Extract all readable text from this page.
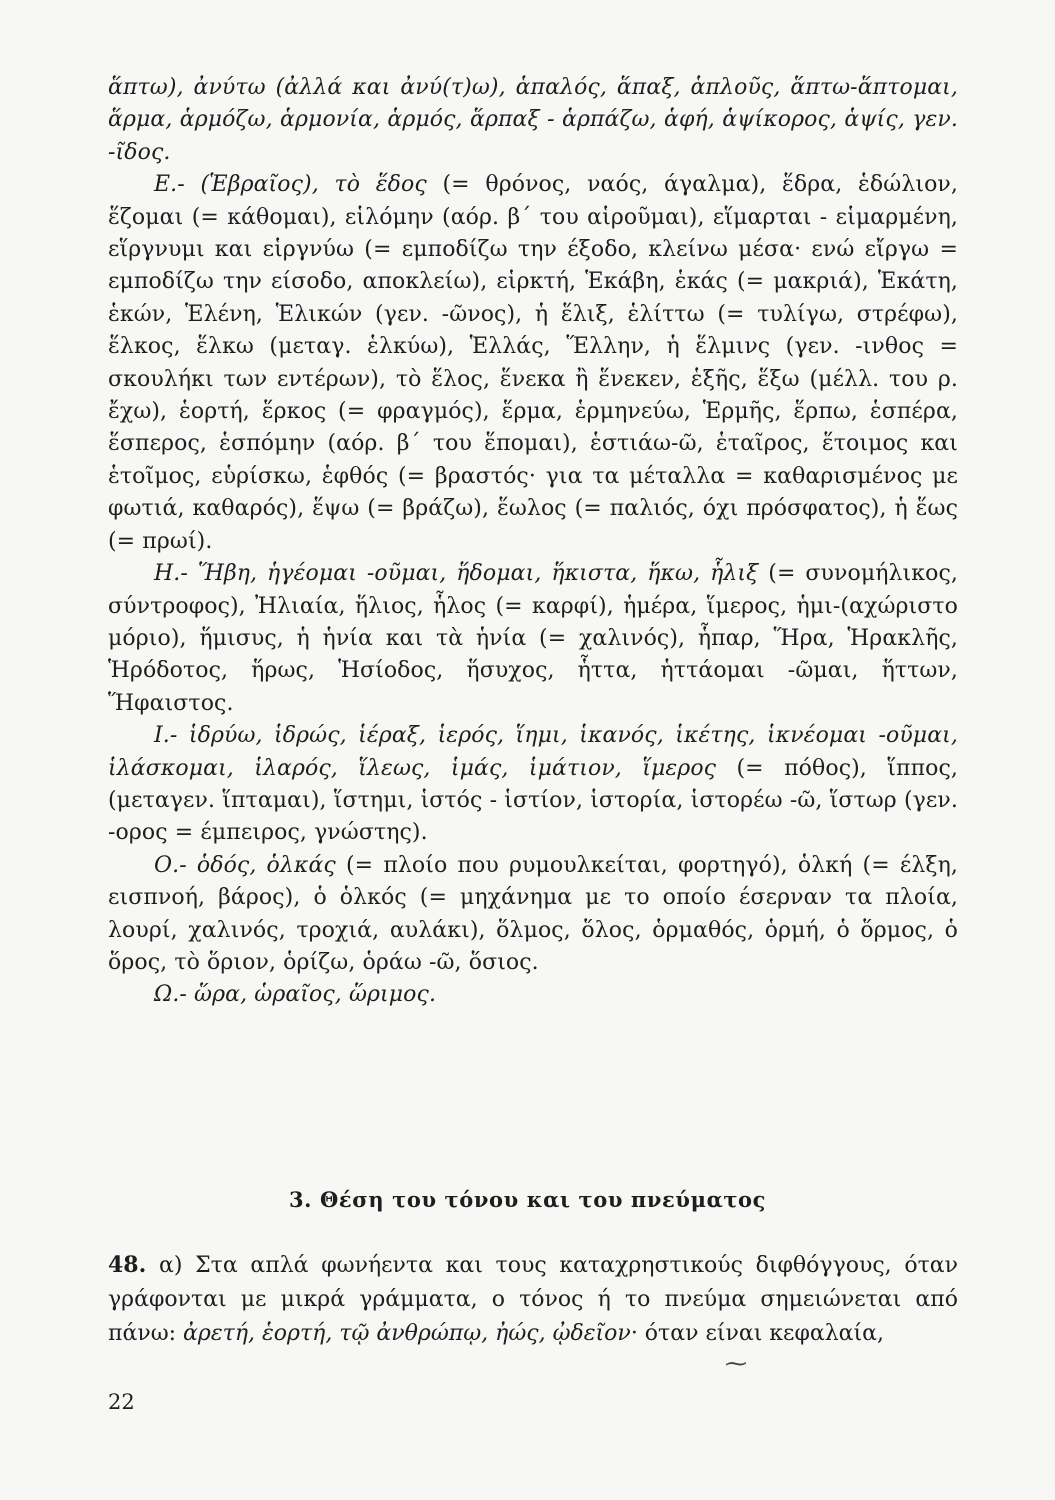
ἅπτω), ἀνύτω (ἀλλά και ἀνύ(τ)ω), ἁπαλός, ἅπαξ, ἁπλοῦς, ἅπτω-ἅπτομαι, ἅρμα, ἁρμόζω, ἁρμονία, ἁρμός, ἅρπαξ - ἁρπάζω, ἁφή, ἁψίκορος, ἁψίς, γεν. -ῖδος.

Ε.- (Ἑβραῖος), τὸ ἕδος (= θρόνος, ναός, άγαλμα), ἕδρα, ἑδώλιον, ἕζομαι (= κάθομαι), εἱλόμην (αόρ. β΄ του αἱροῦμαι), εἵμαρται - εἱμαρμένη, εἵργνυμι και εἱργνύω (= εμποδίζω την έξοδο, κλείνω μέσα· ενώ εἴργω = εμποδίζω την είσοδο, αποκλείω), εἱρκτή, Ἑκάβη, ἑκάς (= μακριά), Ἑκάτη, ἑκών, Ἑλένη, Ἑλικών (γεν. -ῶνος), ἡ ἕλιξ, ἑλίττω (= τυλίγω, στρέφω), ἕλκος, ἕλκω (μεταγ. ἑλκύω), Ἑλλάς, Ἕλλην, ἡ ἕλμινς (γεν. -ινθος = σκουλήκι των εντέρων), τὸ ἕλος, ἕνεκα ἢ ἕνεκεν, ἑξῆς, ἕξω (μέλλ. του ρ. ἔχω), ἑορτή, ἕρκος (= φραγμός), ἕρμα, ἑρμηνεύω, Ἑρμῆς, ἕρπω, ἑσπέρα, ἕσπερος, ἑσπόμην (αόρ. β΄ του ἕπομαι), ἑστιάω-ῶ, ἑταῖρος, ἕτοιμος και ἑτοῖμος, εὑρίσκω, ἑφθός (= βραστός· για τα μέταλλα = καθαρισμένος με φωτιά, καθαρός), ἕψω (= βράζω), ἕωλος (= παλιός, όχι πρόσφατος), ἡ ἕως (= πρωί).

Η.- Ἥβη, ἡγέομαι -οῦμαι, ἥδομαι, ἥκιστα, ἥκω, ἧλιξ (= συνομήλικος, σύντροφος), Ἠλιαία, ἥλιος, ἧλος (= καρφί), ἡμέρα, ἵμερος, ἡμι-(αχώριστο μόριο), ἥμισυς, ἡ ἡνία και τὰ ἡνία (= χαλινός), ἧπαρ, Ἥρα, Ἡρακλῆς, Ἡρόδοτος, ἥρως, Ἡσίοδος, ἥσυχος, ἧττα, ἡττάομαι -ῶμαι, ἥττων, Ἥφαιστος.

Ι.- ἱδρύω, ἱδρώς, ἱέραξ, ἱερός, ἵημι, ἱκανός, ἱκέτης, ἱκνέομαι -οῦμαι, ἱλάσκομαι, ἱλαρός, ἵλεως, ἱμάς, ἱμάτιον, ἵμερος (= πόθος), ἵππος, (μεταγεν. ἵπταμαι), ἵστημι, ἱστός - ἱστίον, ἱστορία, ἱστορέω -ῶ, ἵστωρ (γεν. -ορος = έμπειρος, γνώστης).

Ο.- ὁδός, ὁλκάς (= πλοίο που ρυμουλκείται, φορτηγό), ὁλκή (= έλξη, εισπνοή, βάρος), ὁ ὁλκός (= μηχάνημα με το οποίο έσερναν τα πλοία, λουρί, χαλινός, τροχιά, αυλάκι), ὅλμος, ὅλος, ὁρμαθός, ὁρμή, ὁ ὅρμος, ὁ ὅρος, τὸ ὅριον, ὁρίζω, ὁράω -ῶ, ὅσιος.

Ω.- ὥρα, ὡραῖος, ὥριμος.

3. Θέση του τόνου και του πνεύματος
48. α) Στα απλά φωνήεντα και τους καταχρηστικούς διφθόγγους, όταν γράφονται με μικρά γράμματα, ο τόνος ή το πνεύμα σημειώνεται από πάνω: ἀρετή, ἑορτή, τῷ ἀνθρώπῳ, ἠώς, ᾠδεῖον· όταν είναι κεφαλαία,
⁓
22
